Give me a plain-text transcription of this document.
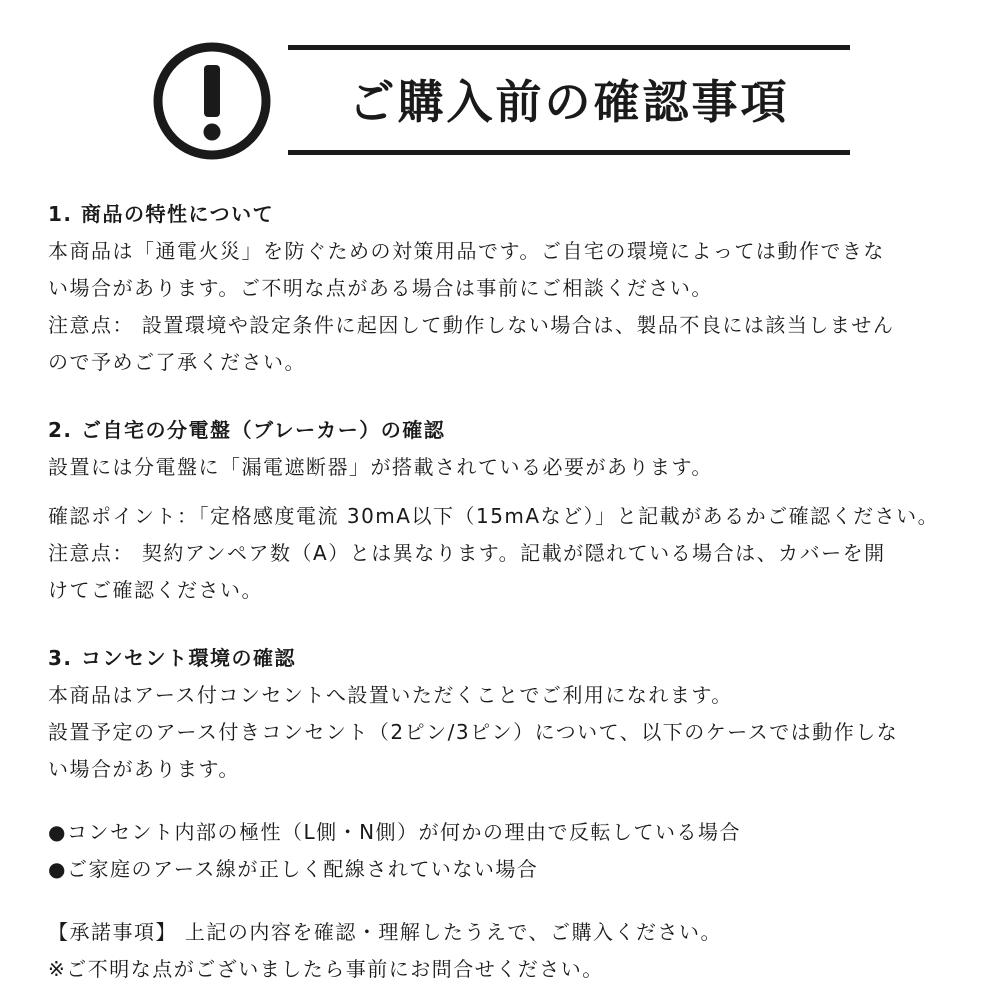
ご購入前の確認事項
1. 商品の特性について
本商品は「通電火災」を防ぐための対策用品です。ご自宅の環境によっては動作できな
い場合があります。ご不明な点がある場合は事前にご相談ください。
注意点： 設置環境や設定条件に起因して動作しない場合は、製品不良には該当しません
ので予めご了承ください。
2. ご自宅の分電盤（ブレーカー）の確認
設置には分電盤に「漏電遮断器」が搭載されている必要があります。
確認ポイント：「定格感度電流 30mA以下（15mAなど）」と記載があるかご確認ください。
注意点： 契約アンペア数（A）とは異なります。記載が隠れている場合は、カバーを開
けてご確認ください。
3. コンセント環境の確認
本商品はアース付コンセントへ設置いただくことでご利用になれます。
設置予定のアース付きコンセント（2ピン/3ピン）について、以下のケースでは動作しな
い場合があります。
●コンセント内部の極性（L側・N側）が何かの理由で反転している場合
●ご家庭のアース線が正しく配線されていない場合
【承諾事項】 上記の内容を確認・理解したうえで、ご購入ください。
※ご不明な点がございましたら事前にお問合せください。
